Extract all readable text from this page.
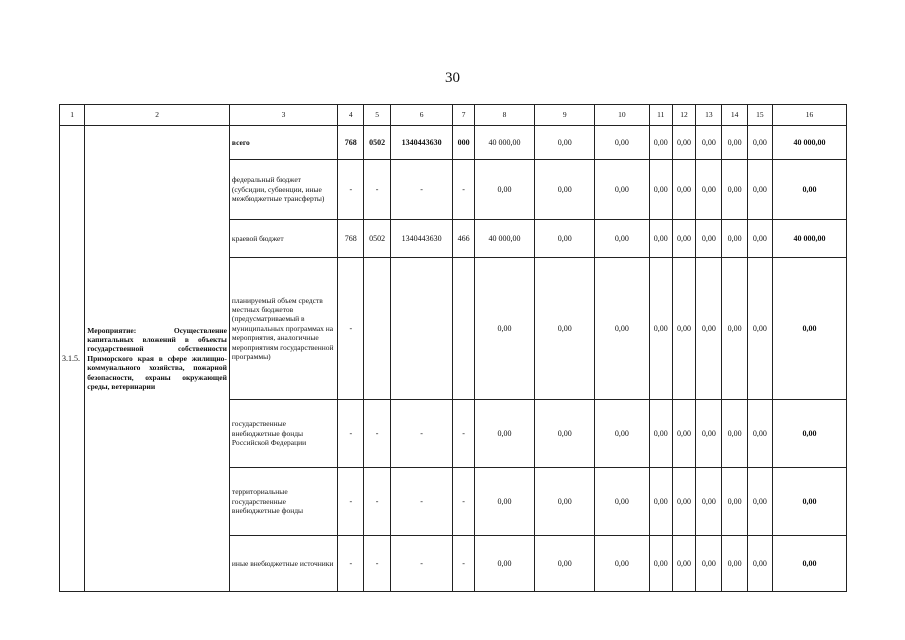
30
1	2	3	4	5	6	7	8	9	10	11	12	13	14	15	16
3.1.5.	Мероприятие: Осуществление капитальных вложений в объекты государственной собственности Приморского края в сфере жилищно-коммунального хозяйства, пожарной безопасности, охраны окружающей среды, ветеринарии	всего	768	0502	1340443630	000	40 000,00	0,00	0,00	0,00	0,00	0,00	0,00	0,00	40 000,00
		федеральный бюджет (субсидии, субвенции, иные межбюджетные трансферты)	-	-	-	-	0,00	0,00	0,00	0,00	0,00	0,00	0,00	0,00	0,00
		краевой бюджет	768	0502	1340443630	466	40 000,00	0,00	0,00	0,00	0,00	0,00	0,00	0,00	40 000,00
		планируемый объем средств местных бюджетов (предусматриваемый в муниципальных программах на мероприятия, аналогичные мероприятиям государственной программы)	-				0,00	0,00	0,00	0,00	0,00	0,00	0,00	0,00	0,00
		государственные внебюджетные фонды Российской Федерации	-	-	-	-	0,00	0,00	0,00	0,00	0,00	0,00	0,00	0,00	0,00
		территориальные государственные внебюджетные фонды	-	-	-	-	0,00	0,00	0,00	0,00	0,00	0,00	0,00	0,00	0,00
		иные внебюджетные источники	-	-	-	-	0,00	0,00	0,00	0,00	0,00	0,00	0,00	0,00	0,00
